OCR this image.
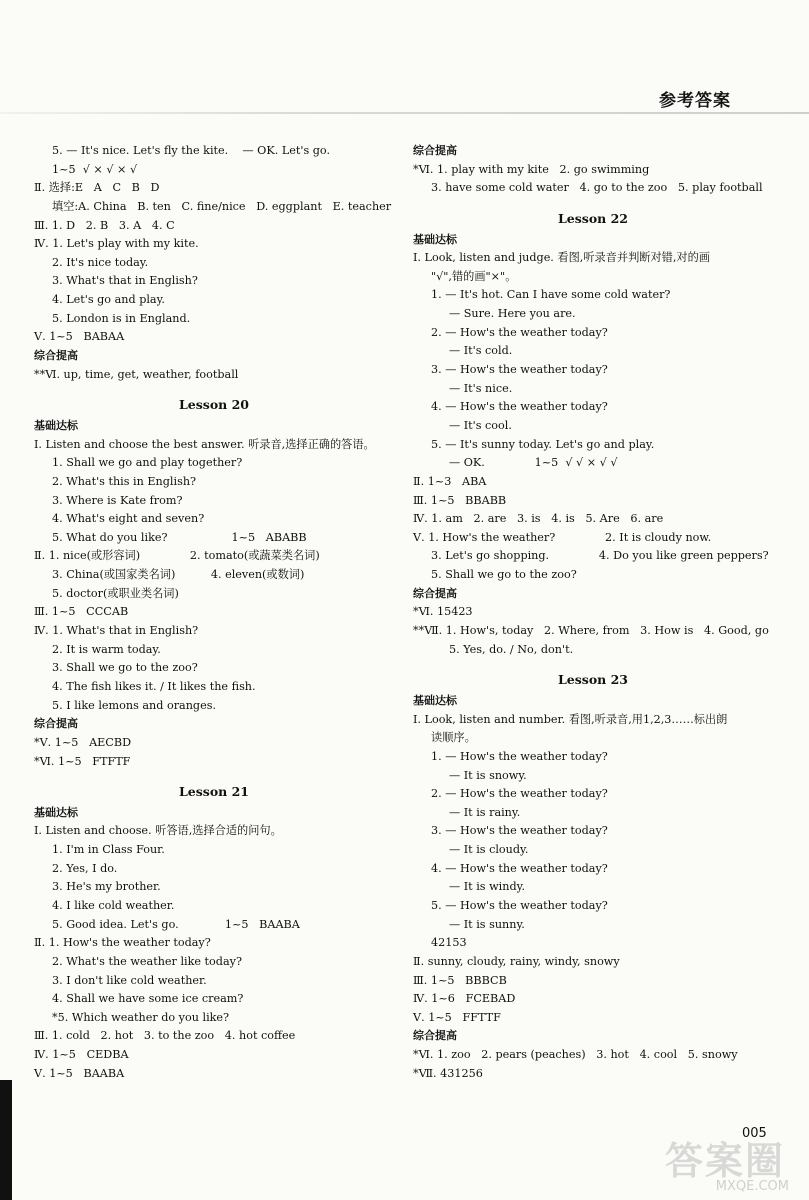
参考答案
5. — It's nice. Let's fly the kite.    — OK. Let's go.
1~5  √ × √ × √
Ⅱ. 选择:E   A   C   B   D
填空:A. China   B. ten   C. fine/nice   D. eggplant   E. teacher
Ⅲ. 1. D   2. B   3. A   4. C
Ⅳ. 1. Let's play with my kite.
2. It's nice today.
3. What's that in English?
4. Let's go and play.
5. London is in England.
Ⅴ. 1~5   BABAA
综合提高
**Ⅵ. up, time, get, weather, football
Lesson 20
基础达标
Ⅰ. Listen and choose the best answer. 听录音,选择正确的答语。
1. Shall we go and play together?
2. What's this in English?
3. Where is Kate from?
4. What's eight and seven?
5. What do you like?                  1~5   ABABB
Ⅱ. 1. nice(或形容词)              2. tomato(或蔬菜类名词)
3. China(或国家类名词)          4. eleven(或数词)
5. doctor(或职业类名词)
Ⅲ. 1~5   CCCAB
Ⅳ. 1. What's that in English?
2. It is warm today.
3. Shall we go to the zoo?
4. The fish likes it. / It likes the fish.
5. I like lemons and oranges.
综合提高
*Ⅴ. 1~5   AECBD
*Ⅵ. 1~5   FTFTF
Lesson 21
基础达标
Ⅰ. Listen and choose. 听答语,选择合适的问句。
1. I'm in Class Four.
2. Yes, I do.
3. He's my brother.
4. I like cold weather.
5. Good idea. Let's go.             1~5   BAABA
Ⅱ. 1. How's the weather today?
2. What's the weather like today?
3. I don't like cold weather.
4. Shall we have some ice cream?
*5. Which weather do you like?
Ⅲ. 1. cold   2. hot   3. to the zoo   4. hot coffee
Ⅳ. 1~5   CEDBA
Ⅴ. 1~5   BAABA
综合提高
*Ⅵ. 1. play with my kite   2. go swimming
3. have some cold water   4. go to the zoo   5. play football
Lesson 22
基础达标
Ⅰ. Look, listen and judge. 看图,听录音并判断对错,对的画
"√",错的画"×"。
1. — It's hot. Can I have some cold water?
— Sure. Here you are.
2. — How's the weather today?
— It's cold.
3. — How's the weather today?
— It's nice.
4. — How's the weather today?
— It's cool.
5. — It's sunny today. Let's go and play.
— OK.              1~5  √ √ × √ √
Ⅱ. 1~3   ABA
Ⅲ. 1~5   BBABB
Ⅳ. 1. am   2. are   3. is   4. is   5. Are   6. are
Ⅴ. 1. How's the weather?              2. It is cloudy now.
3. Let's go shopping.              4. Do you like green peppers?
5. Shall we go to the zoo?
综合提高
*Ⅵ. 15423
**Ⅶ. 1. How's, today   2. Where, from   3. How is   4. Good, go
5. Yes, do. / No, don't.
Lesson 23
基础达标
Ⅰ. Look, listen and number. 看图,听录音,用1,2,3……标出朗
读顺序。
1. — How's the weather today?
— It is snowy.
2. — How's the weather today?
— It is rainy.
3. — How's the weather today?
— It is cloudy.
4. — How's the weather today?
— It is windy.
5. — How's the weather today?
— It is sunny.
42153
Ⅱ. sunny, cloudy, rainy, windy, snowy
Ⅲ. 1~5   BBBCB
Ⅳ. 1~6   FCEBAD
Ⅴ. 1~5   FFTTF
综合提高
*Ⅵ. 1. zoo   2. pears (peaches)   3. hot   4. cool   5. snowy
*Ⅶ. 431256
005
答案圈
MXQE.COM
